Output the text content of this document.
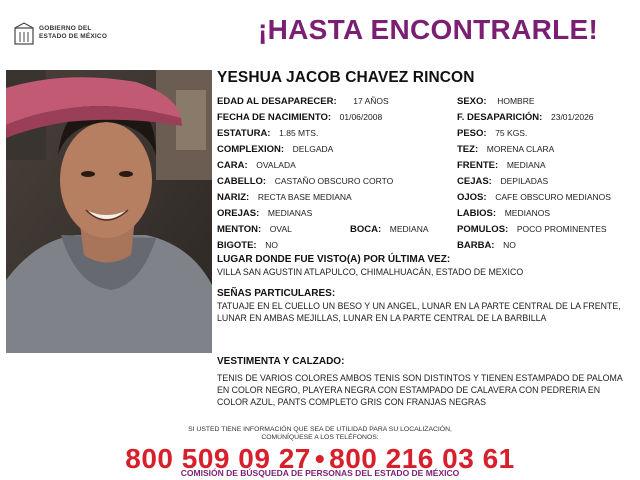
GOBIERNO DEL
ESTADO DE MÉXICO	¡HASTA ENCONTRARLE!
YESHUA JACOB CHAVEZ RINCON
EDAD AL DESAPARECER: 17 AÑOS
FECHA DE NACIMIENTO: 01/06/2008
ESTATURA: 1.85 MTS.
COMPLEXION: DELGADA
CARA: OVALADA
CABELLO: CASTAÑO OBSCURO CORTO
NARIZ: RECTA BASE MEDIANA
OREJAS: MEDIANAS
MENTON: OVAL	BOCA: MEDIANA
BIGOTE: NO
SEXO: HOMBRE
F. DESAPARICIÓN: 23/01/2026
PESO: 75 KGS.
TEZ: MORENA CLARA
FRENTE: MEDIANA
CEJAS: DEPILADAS
OJOS: CAFE OBSCURO MEDIANOS
LABIOS: MEDIANOS
POMULOS: POCO PROMINENTES
BARBA: NO
LUGAR DONDE FUE VISTO(A) POR ÚLTIMA VEZ:
VILLA SAN AGUSTIN ATLAPULCO, CHIMALHUACÁN, ESTADO DE MEXICO
SEÑAS PARTICULARES:
TATUAJE EN EL CUELLO UN BESO Y UN ANGEL, LUNAR EN LA PARTE CENTRAL DE LA FRENTE, LUNAR EN AMBAS MEJILLAS, LUNAR EN LA PARTE CENTRAL DE LA BARBILLA
VESTIMENTA Y CALZADO:
TENIS DE VARIOS COLORES AMBOS TENIS SON DISTINTOS Y TIENEN ESTAMPADO DE PALOMA EN COLOR NEGRO, PLAYERA NEGRA CON ESTAMPADO DE CALAVERA CON PEDRERIA EN COLOR AZUL, PANTS COMPLETO GRIS CON FRANJAS NEGRAS
SI USTED TIENE INFORMACIÓN QUE SEA DE UTILIDAD PARA SU LOCALIZACIÓN,
COMUNÍQUESE A LOS TELÉFONOS:
800 509 09 27 • 800 216 03 61
COMISIÓN DE BÚSQUEDA DE PERSONAS DEL ESTADO DE MÉXICO
